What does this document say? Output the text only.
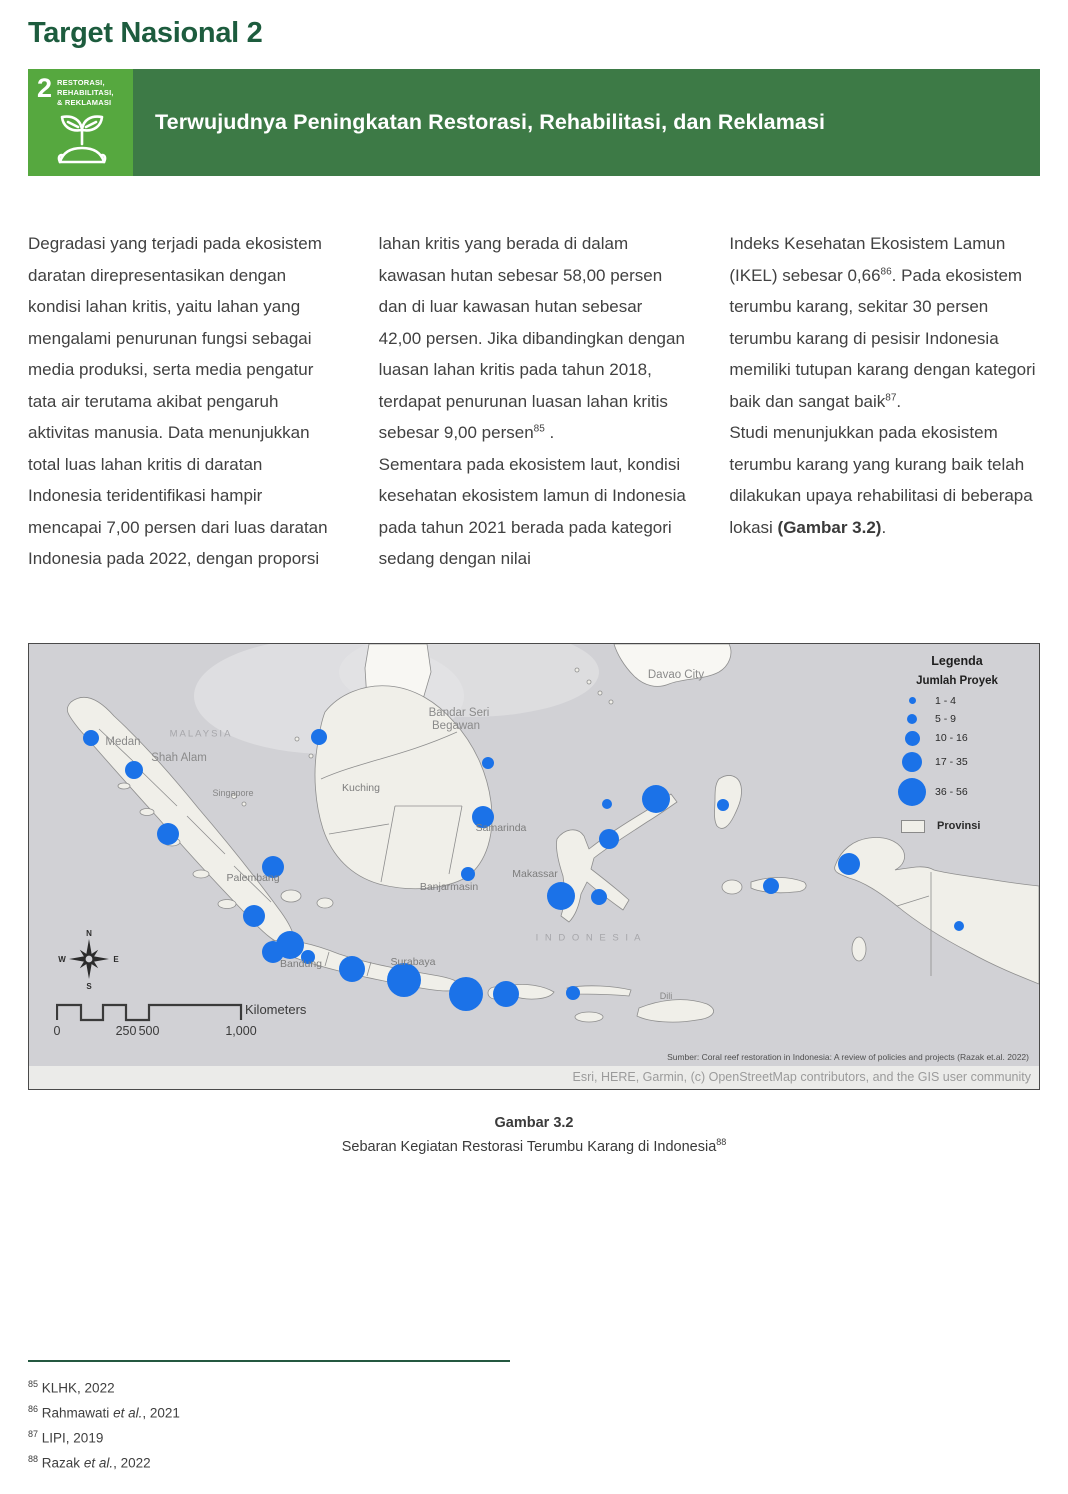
Target Nasional 2
2 RESTORASI,
REHABILITASI,
& REKLAMASI
Terwujudnya Peningkatan Restorasi, Rehabilitasi, dan Reklamasi

Degradasi yang terjadi pada ekosistem daratan direpresentasikan dengan kondisi lahan kritis, yaitu lahan yang mengalami penurunan fungsi sebagai media produksi, serta media pengatur tata air terutama akibat pengaruh aktivitas manusia. Data menunjukkan total luas lahan kritis di daratan Indonesia teridentifikasi hampir mencapai 7,00 persen dari luas daratan Indonesia pada 2022, dengan proporsi

lahan kritis yang berada di dalam kawasan hutan sebesar 58,00 persen dan di luar kawasan hutan sebesar 42,00 persen. Jika dibandingkan dengan luasan lahan kritis pada tahun 2018, terdapat penurunan luasan lahan kritis sebesar 9,00 persen$^{85}$ .

Sementara pada ekosistem laut, kondisi kesehatan ekosistem lamun di Indonesia pada tahun 2021 berada pada kategori sedang dengan nilai

Indeks Kesehatan Ekosistem Lamun (IKEL) sebesar 0,66$^{86}$. Pada ekosistem terumbu karang, sekitar 30 persen terumbu karang di pesisir Indonesia memiliki tutupan karang dengan kategori baik dan sangat baik$^{87}$.

Studi menunjukkan pada ekosistem terumbu karang yang kurang baik telah dilakukan upaya rehabilitasi di beberapa lokasi (Gambar 3.2).

Davao City
Bandar Seri
Begawan
Medan
Shah Alam
MALAYSIA
Singapore	Kuching
Samarinda
Palembang
Banjarmasin
Makassar
Bandung	Surabaya
I N D O N E S I A
Dili
Legenda
Jumlah Proyek
1 - 4
5 - 9
10 - 16
17 - 35
36 - 56
Provinsi
N
S
W	E
Kilometers
0	250 500	1,000
Sumber: Coral reef restoration in Indonesia: A review of policies and projects (Razak et.al. 2022)
Esri, HERE, Garmin, (c) OpenStreetMap contributors, and the GIS user community
Gambar 3.2
Sebaran Kegiatan Restorasi Terumbu Karang di Indonesia$^{88}$
$^{85}$ KLHK, 2022
$^{86}$ Rahmawati et al., 2021
$^{87}$ LIPI, 2019
$^{88}$ Razak et al., 2022
